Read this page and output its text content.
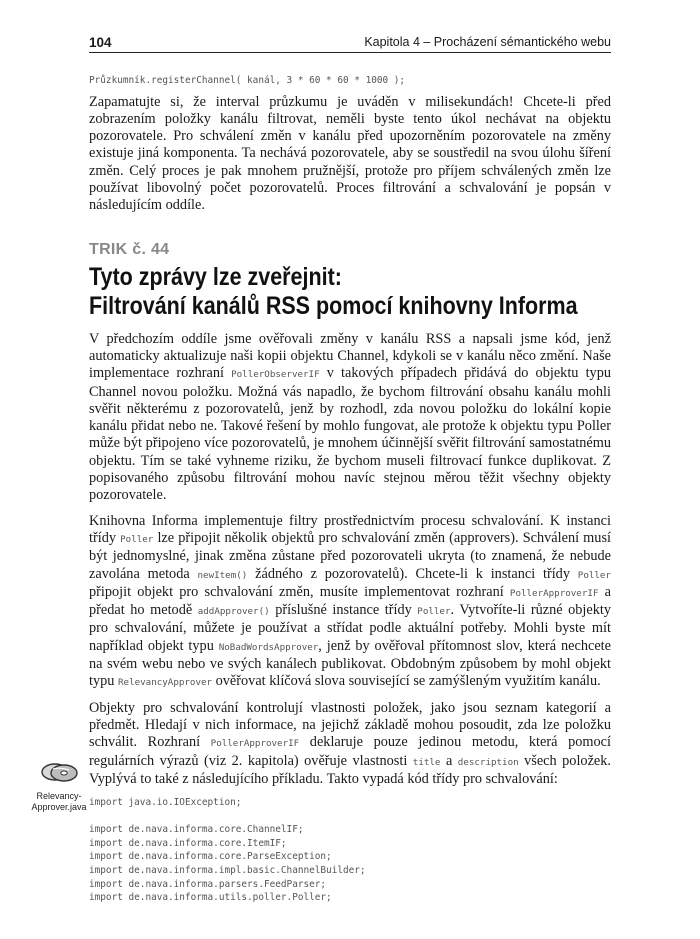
104	Kapitola 4 – Procházení sémantického webu
Relevancy-
Approver.java
Průzkumník.registerChannel( kanál, 3 * 60 * 60 * 1000 );

Zapamatujte si, že interval průzkumu je uváděn v milisekundách! Chcete-li před zobrazením položky kanálu filtrovat, neměli byste tento úkol nechávat na objektu pozorovatele. Pro schválení změn v kanálu před upozorněním pozorovatele na změny existuje jiná komponenta. Ta nechává pozorovatele, aby se soustředil na svou úlohu šíření změn. Celý proces je pak mnohem pružnější, protože pro příjem schválených změn lze používat libovolný počet pozorovatelů. Proces filtrování a schvalování je popsán v následujícím oddíle.

TRIK č. 44
Tyto zprávy lze zveřejnit:
Filtrování kanálů RSS pomocí knihovny Informa

V předchozím oddíle jsme ověřovali změny v kanálu RSS a napsali jsme kód, jenž automaticky aktualizuje naši kopii objektu Channel, kdykoli se v kanálu něco změní. Naše implementace rozhraní PollerObserverIF v takových případech přidává do objektu typu Channel novou položku. Možná vás napadlo, že bychom filtrování obsahu kanálu mohli svěřit některému z pozorovatelů, jenž by rozhodl, zda novou položku do lokální kopie kanálu přidat nebo ne. Takové řešení by mohlo fungovat, ale protože k objektu typu Poller může být připojeno více pozorovatelů, je mnohem účinnější svěřit filtrování samostatnému objektu. Tím se také vyhneme riziku, že bychom museli filtrovací funkce duplikovat. Z popisovaného způsobu filtrování mohou navíc stejnou měrou těžit všechny objekty pozorovatele.

Knihovna Informa implementuje filtry prostřednictvím procesu schvalování. K instanci třídy Poller lze připojit několik objektů pro schvalování změn (approvers). Schválení musí být jednomyslné, jinak změna zůstane před pozorovateli ukryta (to znamená, že nebude zavolána metoda newItem() žádného z pozorovatelů). Chcete-li k instanci třídy Poller připojit objekt pro schvalování změn, musíte implementovat rozhraní PollerApproverIF a předat ho metodě addApprover() příslušné instance třídy Poller. Vytvoříte-li různé objekty pro schvalování, můžete je používat a střídat podle aktuální potřeby. Mohli byste mít například objekt typu NoBadWordsApprover, jenž by ověřoval přítomnost slov, která nechcete na svém webu nebo ve svých kanálech publikovat. Obdobným způsobem by mohl objekt typu RelevancyApprover ověřovat klíčová slova související se zamýšleným využitím kanálu.

Objekty pro schvalování kontrolují vlastnosti položek, jako jsou seznam kategorií a předmět. Hledají v nich informace, na jejichž základě mohou posoudit, zda lze položku schválit. Rozhraní PollerApproverIF deklaruje pouze jedinou metodu, která pomocí regulárních výrazů (viz 2. kapitola) ověřuje vlastnosti title a description všech položek. Vyplývá to také z následujícího příkladu. Takto vypadá kód třídy pro schvalování:

import java.io.IOException;
import de.nava.informa.core.ChannelIF;
import de.nava.informa.core.ItemIF;
import de.nava.informa.core.ParseException;
import de.nava.informa.impl.basic.ChannelBuilder;
import de.nava.informa.parsers.FeedParser;
import de.nava.informa.utils.poller.Poller;
